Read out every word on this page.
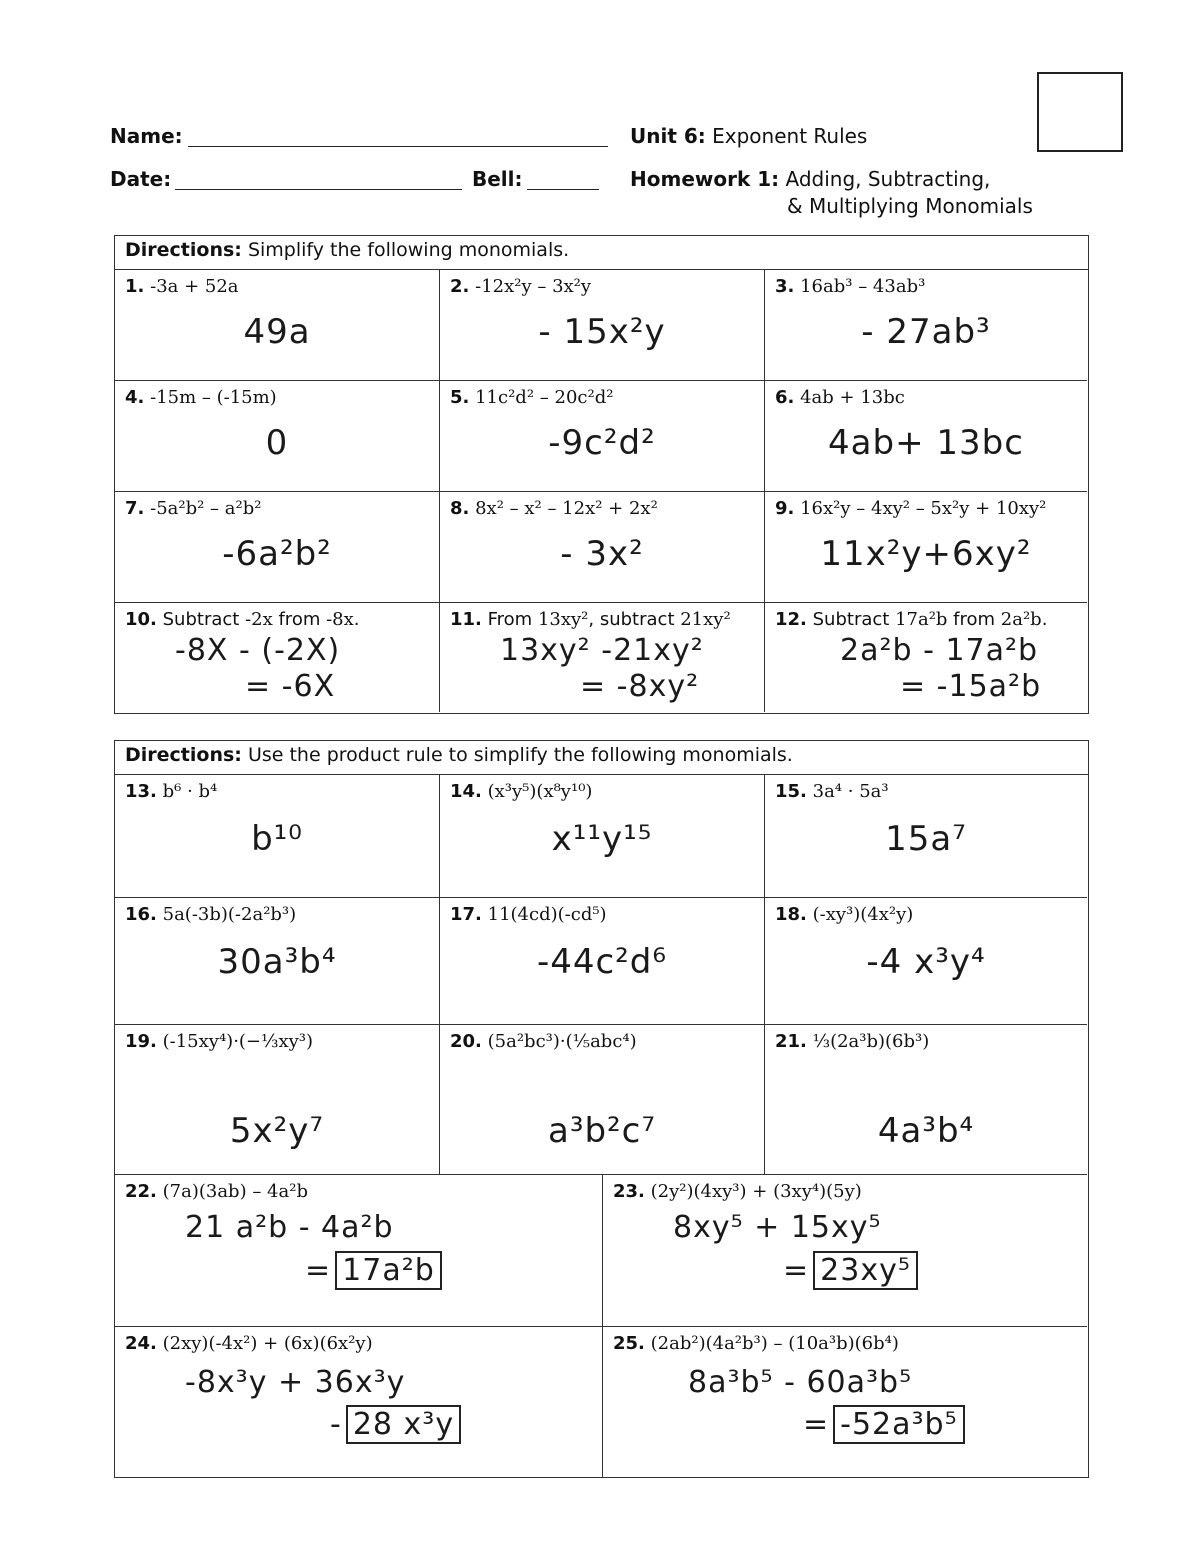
Name:
Date:	Bell:
Unit 6: Exponent Rules
Homework 1: Adding, Subtracting,
& Multiplying Monomials
Directions: Simplify the following monomials.
1. -3a + 52a
49a
2. -12x²y – 3x²y
- 15x²y
3. 16ab³ – 43ab³
- 27ab³
4. -15m – (-15m)
0
5. 11c²d² – 20c²d²
-9c²d²
6. 4ab + 13bc
4ab+ 13bc
7. -5a²b² – a²b²
-6a²b²
8. 8x² – x² – 12x² + 2x²
- 3x²
9. 16x²y – 4xy² – 5x²y + 10xy²
11x²y+6xy²
10. Subtract -2x from -8x.
-8X - (-2X)
= -6X
11. From 13xy², subtract 21xy²
13xy² -21xy²
= -8xy²
12. Subtract 17a²b from 2a²b.
2a²b - 17a²b
= -15a²b
Directions: Use the product rule to simplify the following monomials.
13. b⁶ · b⁴
b¹⁰
14. (x³y⁵)(x⁸y¹⁰)
x¹¹y¹⁵
15. 3a⁴ · 5a³
15a⁷
16. 5a(-3b)(-2a²b³)
30a³b⁴
17. 11(4cd)(-cd⁵)
-44c²d⁶
18. (-xy³)(4x²y)
-4 x³y⁴
19. (-15xy⁴)·(−⅓xy³)
5x²y⁷
20. (5a²bc³)·(⅕abc⁴)
a³b²c⁷
21. ⅓(2a³b)(6b³)
4a³b⁴
22. (7a)(3ab) – 4a²b
21 a²b - 4a²b
= 17a²b
23. (2y²)(4xy³) + (3xy⁴)(5y)
8xy⁵ + 15xy⁵
= 23xy⁵
24. (2xy)(-4x²) + (6x)(6x²y)
-8x³y + 36x³y
- 28 x³y
25. (2ab²)(4a²b³) – (10a³b)(6b⁴)
8a³b⁵ - 60a³b⁵
= -52a³b⁵
